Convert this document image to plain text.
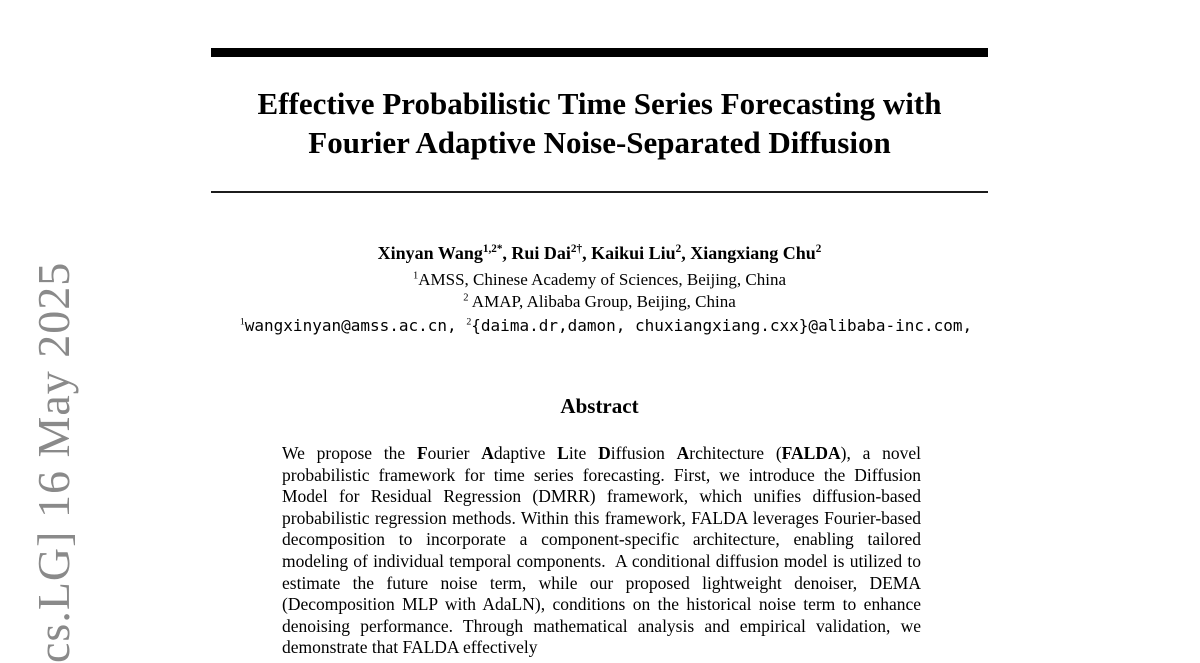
cs.LG] 16 May 2025
Effective Probabilistic Time Series Forecasting with
Fourier Adaptive Noise-Separated Diffusion
Xinyan Wang$^{1,2*}$, Rui Dai$^{2\dagger}$, Kaikui Liu$^2$, Xiangxiang Chu$^2$
$^1$AMSS, Chinese Academy of Sciences, Beijing, China
$^2$ AMAP, Alibaba Group, Beijing, China
$^1$wangxinyan@amss.ac.cn, $^2${daima.dr,damon, chuxiangxiang.cxx}@alibaba-inc.com,
Abstract
We propose the Fourier Adaptive Lite Diffusion Architecture (FALDA), a novel probabilistic framework for time series forecasting. First, we introduce the Diffusion Model for Residual Regression (DMRR) framework, which unifies diffusion-based probabilistic regression methods. Within this framework, FALDA leverages Fourier-based decomposition to incorporate a component-specific architecture, enabling tailored modeling of individual temporal components.  A conditional diffusion model is utilized to estimate the future noise term, while our proposed lightweight denoiser, DEMA (Decomposition MLP with AdaLN), conditions on the historical noise term to enhance denoising performance. Through mathematical analysis and empirical validation, we demonstrate that FALDA effectively
